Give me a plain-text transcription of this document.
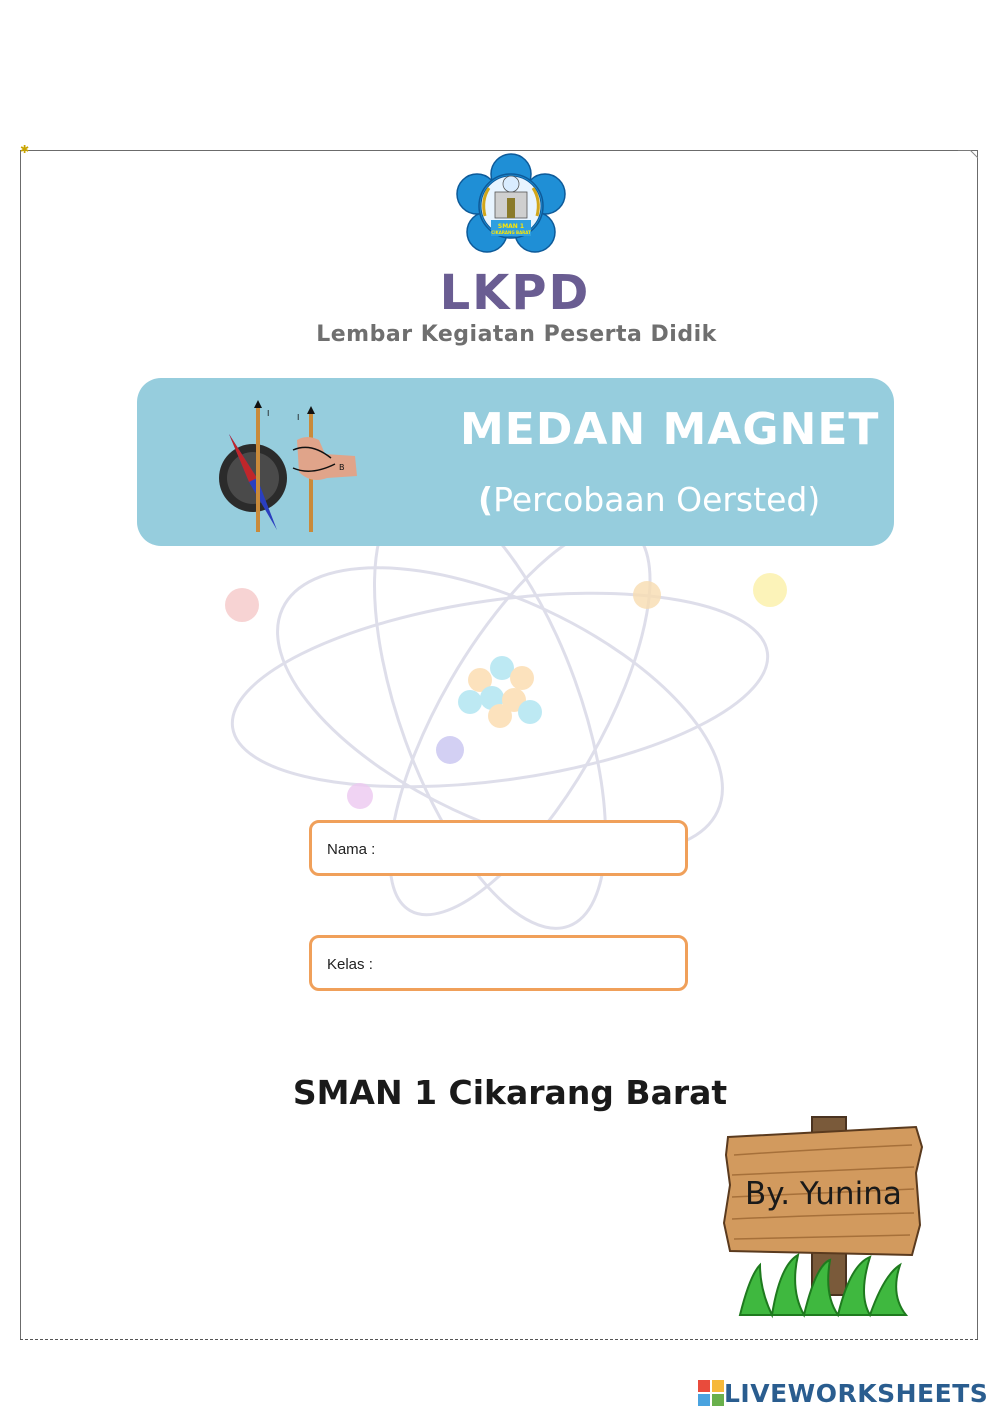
✱
SMAN 1
CIKARANG BARAT
LKPD
Lembar Kegiatan Peserta Didik
I	I
B
MEDAN MAGNET
(Percobaan Oersted)
Nama :
Kelas :
SMAN 1 Cikarang Barat
By. Yunina
LIVEWORKSHEETS
